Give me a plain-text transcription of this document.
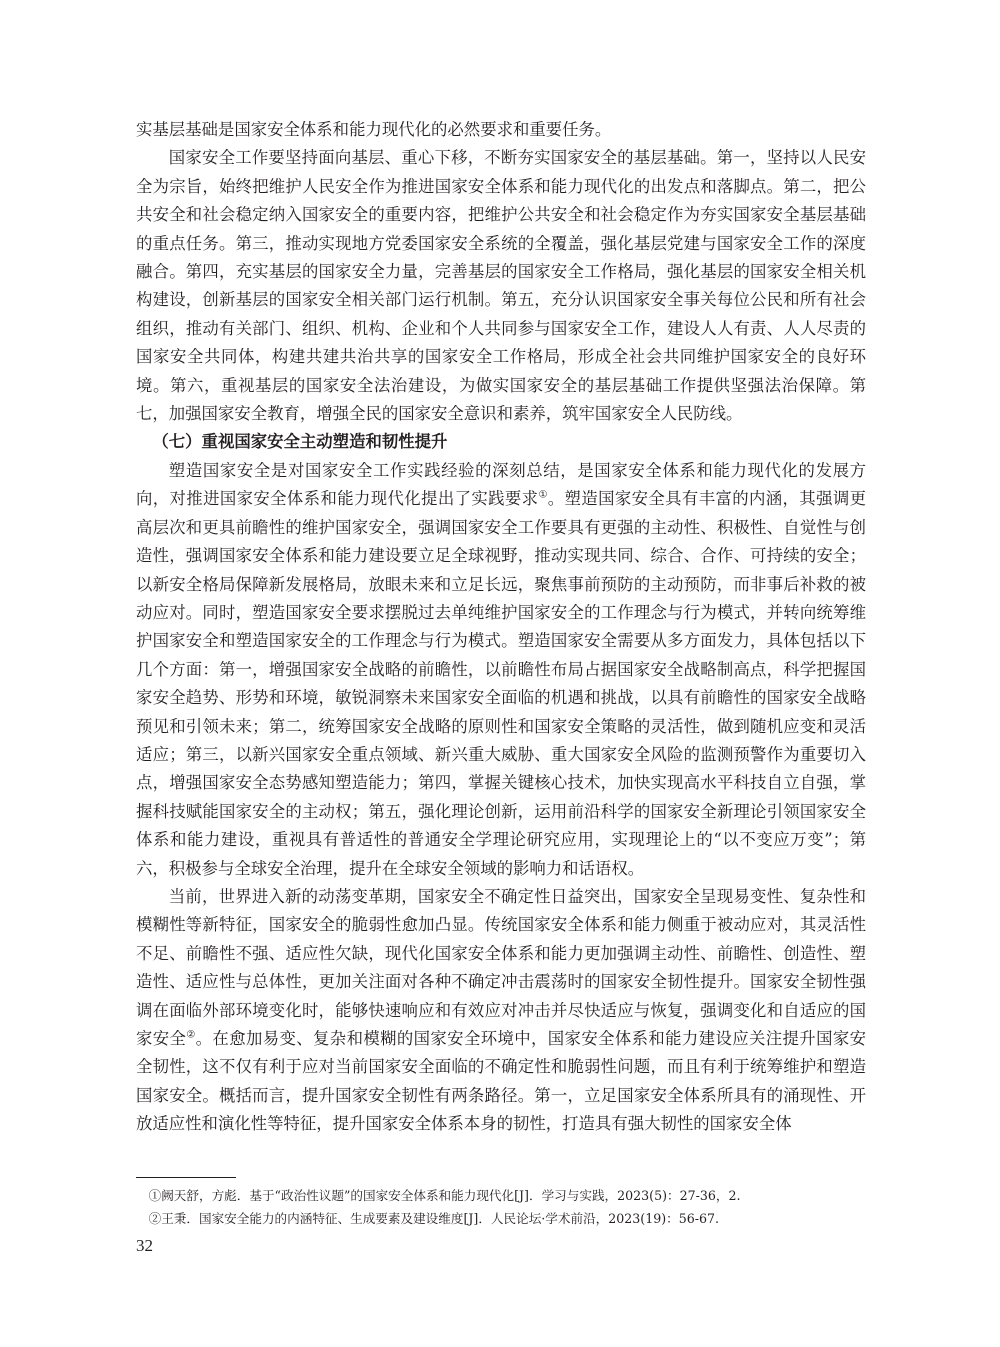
实基层基础是国家安全体系和能力现代化的必然要求和重要任务。

国家安全工作要坚持面向基层、重心下移，不断夯实国家安全的基层基础。第一，坚持以人民安全为宗旨，始终把维护人民安全作为推进国家安全体系和能力现代化的出发点和落脚点。第二，把公共安全和社会稳定纳入国家安全的重要内容，把维护公共安全和社会稳定作为夯实国家安全基层基础的重点任务。第三，推动实现地方党委国家安全系统的全覆盖，强化基层党建与国家安全工作的深度融合。第四，充实基层的国家安全力量，完善基层的国家安全工作格局，强化基层的国家安全相关机构建设，创新基层的国家安全相关部门运行机制。第五，充分认识国家安全事关每位公民和所有社会组织，推动有关部门、组织、机构、企业和个人共同参与国家安全工作，建设人人有责、人人尽责的国家安全共同体，构建共建共治共享的国家安全工作格局，形成全社会共同维护国家安全的良好环境。第六，重视基层的国家安全法治建设，为做实国家安全的基层基础工作提供坚强法治保障。第七，加强国家安全教育，增强全民的国家安全意识和素养，筑牢国家安全人民防线。

（七）重视国家安全主动塑造和韧性提升

塑造国家安全是对国家安全工作实践经验的深刻总结，是国家安全体系和能力现代化的发展方向，对推进国家安全体系和能力现代化提出了实践要求①。塑造国家安全具有丰富的内涵，其强调更高层次和更具前瞻性的维护国家安全，强调国家安全工作要具有更强的主动性、积极性、自觉性与创造性，强调国家安全体系和能力建设要立足全球视野，推动实现共同、综合、合作、可持续的安全；以新安全格局保障新发展格局，放眼未来和立足长远，聚焦事前预防的主动预防，而非事后补救的被动应对。同时，塑造国家安全要求摆脱过去单纯维护国家安全的工作理念与行为模式，并转向统筹维护国家安全和塑造国家安全的工作理念与行为模式。塑造国家安全需要从多方面发力，具体包括以下几个方面：第一，增强国家安全战略的前瞻性，以前瞻性布局占据国家安全战略制高点，科学把握国家安全趋势、形势和环境，敏锐洞察未来国家安全面临的机遇和挑战，以具有前瞻性的国家安全战略预见和引领未来；第二，统筹国家安全战略的原则性和国家安全策略的灵活性，做到随机应变和灵活适应；第三，以新兴国家安全重点领域、新兴重大威胁、重大国家安全风险的监测预警作为重要切入点，增强国家安全态势感知塑造能力；第四，掌握关键核心技术，加快实现高水平科技自立自强，掌握科技赋能国家安全的主动权；第五，强化理论创新，运用前沿科学的国家安全新理论引领国家安全体系和能力建设，重视具有普适性的普通安全学理论研究应用，实现理论上的“以不变应万变”；第六，积极参与全球安全治理，提升在全球安全领域的影响力和话语权。

当前，世界进入新的动荡变革期，国家安全不确定性日益突出，国家安全呈现易变性、复杂性和模糊性等新特征，国家安全的脆弱性愈加凸显。传统国家安全体系和能力侧重于被动应对，其灵活性不足、前瞻性不强、适应性欠缺，现代化国家安全体系和能力更加强调主动性、前瞻性、创造性、塑造性、适应性与总体性，更加关注面对各种不确定冲击震荡时的国家安全韧性提升。国家安全韧性强调在面临外部环境变化时，能够快速响应和有效应对冲击并尽快适应与恢复，强调变化和自适应的国家安全②。在愈加易变、复杂和模糊的国家安全环境中，国家安全体系和能力建设应关注提升国家安全韧性，这不仅有利于应对当前国家安全面临的不确定性和脆弱性问题，而且有利于统筹维护和塑造国家安全。概括而言，提升国家安全韧性有两条路径。第一，立足国家安全体系所具有的涌现性、开放适应性和演化性等特征，提升国家安全体系本身的韧性，打造具有强大韧性的国家安全体

①阙天舒，方彪．基于“政治性议题”的国家安全体系和能力现代化[J]．学习与实践，2023(5)：27-36，2.

②王秉．国家安全能力的内涵特征、生成要素及建设维度[J]．人民论坛·学术前沿，2023(19)：56-67.

32
